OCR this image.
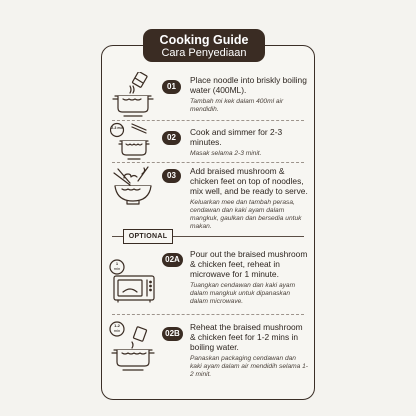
Cooking Guide
Cara Penyediaan
01
Place noodle into briskly boiling water (400ML).
Tambah mi kek dalam 400ml air mendidih.
2-3 min
02
Cook and simmer for 2-3 minutes.
Masak selama 2-3 minit.
03	Add braised mushroom & chicken feet on top of noodles, mix well, and be ready to serve.
Keluarkan mee dan tambah perasa, cendawan dan kaki ayam dalam mangkuk, gaulkan dan bersedia untuk makan.
OPTIONAL
1
min
02A
Pour out the braised mushroom & chicken feet, reheat in microwave for 1 minute.
Tuangkan cendawan dan kaki ayam dalam mangkuk untuk dipanaskan dalam microwave.
1-2
min	02B
Reheat the braised mushroom & chicken feet for 1-2 mins in boiling water.
Panaskan packaging cendawan dan kaki ayam dalam air mendidih selama 1-2 minit.
